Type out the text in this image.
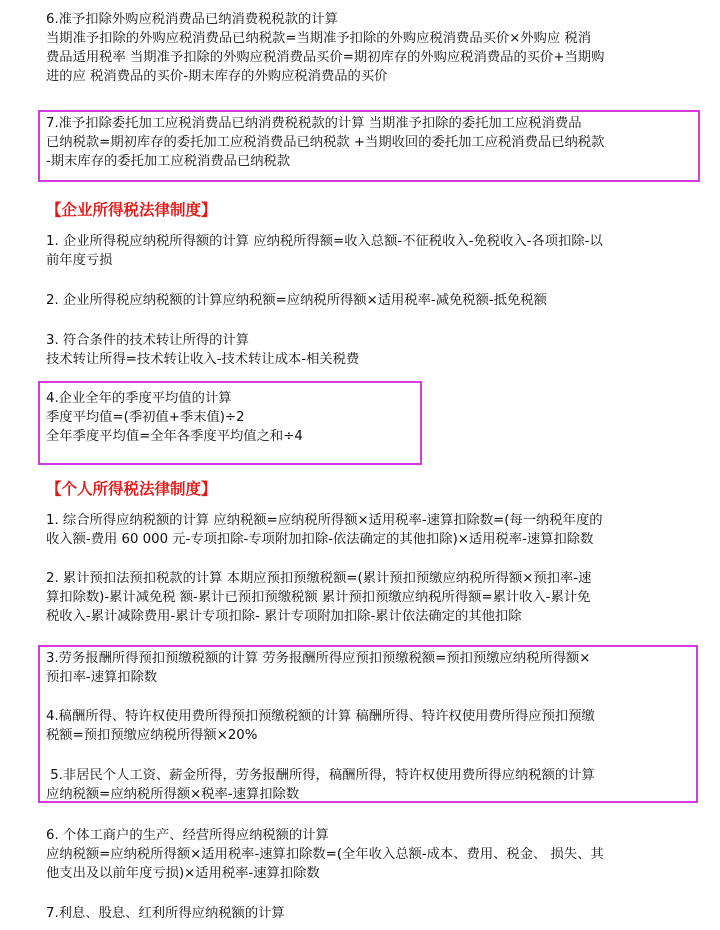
6.准予扣除外购应税消费品已纳消费税税款的计算

当期准予扣除的外购应税消费品已纳税款=当期准予扣除的外购应税消费品买价×外购应 税消

费品适用税率 当期准予扣除的外购应税消费品买价=期初库存的外购应税消费品的买价+当期购

进的应 税消费品的买价-期末库存的外购应税消费品的买价

7.准予扣除委托加工应税消费品已纳消费税税款的计算 当期准予扣除的委托加工应税消费品

已纳税款=期初库存的委托加工应税消费品已纳税款 +当期收回的委托加工应税消费品已纳税款

-期末库存的委托加工应税消费品已纳税款

【企业所得税法律制度】

1. 企业所得税应纳税所得额的计算 应纳税所得额=收入总额-不征税收入-免税收入-各项扣除-以

前年度亏损

2. 企业所得税应纳税额的计算应纳税额=应纳税所得额×适用税率-减免税额-抵免税额

3. 符合条件的技术转让所得的计算

技术转让所得=技术转让收入-技术转让成本-相关税费

4.企业全年的季度平均值的计算

季度平均值=(季初值+季末值)÷2

全年季度平均值=全年各季度平均值之和÷4

【个人所得税法律制度】

1. 综合所得应纳税额的计算 应纳税额=应纳税所得额×适用税率-速算扣除数=(每一纳税年度的

收入额-费用 60 000 元-专项扣除-专项附加扣除-依法确定的其他扣除)×适用税率-速算扣除数

2. 累计预扣法预扣税款的计算 本期应预扣预缴税额=(累计预扣预缴应纳税所得额×预扣率-速

算扣除数)-累计减免税 额-累计已预扣预缴税额 累计预扣预缴应纳税所得额=累计收入-累计免

税收入-累计减除费用-累计专项扣除- 累计专项附加扣除-累计依法确定的其他扣除

3.劳务报酬所得预扣预缴税额的计算 劳务报酬所得应预扣预缴税额=预扣预缴应纳税所得额×

预扣率-速算扣除数

4.稿酬所得、特许权使用费所得预扣预缴税额的计算 稿酬所得、特许权使用费所得应预扣预缴

税额=预扣预缴应纳税所得额×20%

5.非居民个人工资、薪金所得，劳务报酬所得，稿酬所得，特许权使用费所得应纳税额的计算

应纳税额=应纳税所得额×税率-速算扣除数

6. 个体工商户的生产、经营所得应纳税额的计算

应纳税额=应纳税所得额×适用税率-速算扣除数=(全年收入总额-成本、费用、税金、 损失、其

他支出及以前年度亏损)×适用税率-速算扣除数

7.利息、股息、红利所得应纳税额的计算
